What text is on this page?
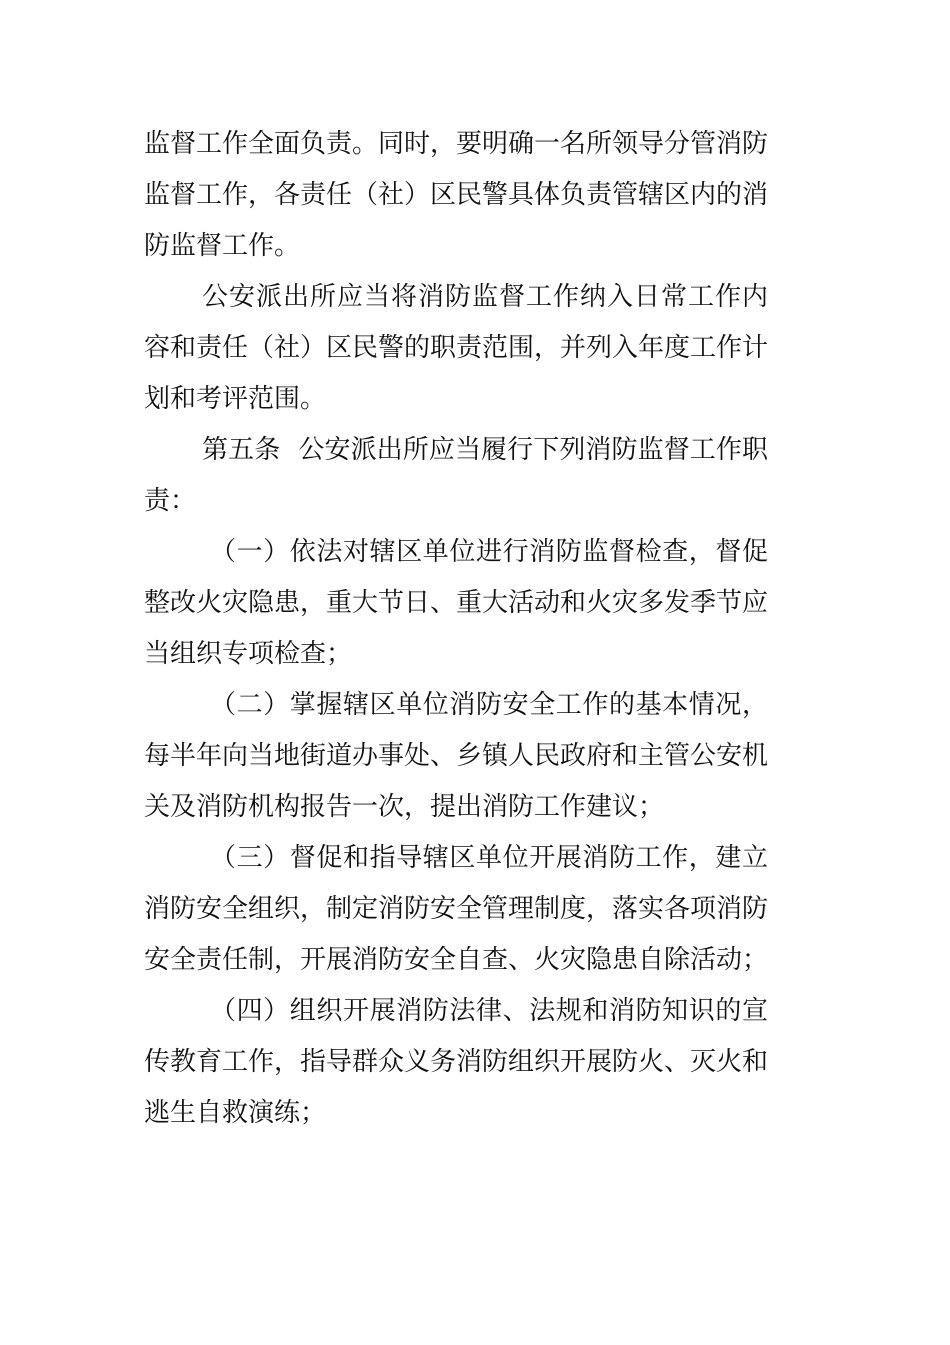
监督工作全面负责。同时，要明确一名所领导分管消防监督工作，各责任（社）区民警具体负责管辖区内的消防监督工作。

公安派出所应当将消防监督工作纳入日常工作内容和责任（社）区民警的职责范围，并列入年度工作计划和考评范围。

第五条 公安派出所应当履行下列消防监督工作职责：

（一）依法对辖区单位进行消防监督检查，督促整改火灾隐患，重大节日、重大活动和火灾多发季节应当组织专项检查；

（二）掌握辖区单位消防安全工作的基本情况，每半年向当地街道办事处、乡镇人民政府和主管公安机关及消防机构报告一次，提出消防工作建议；

（三）督促和指导辖区单位开展消防工作，建立消防安全组织，制定消防安全管理制度，落实各项消防安全责任制，开展消防安全自查、火灾隐患自除活动；

（四）组织开展消防法律、法规和消防知识的宣传教育工作，指导群众义务消防组织开展防火、灭火和逃生自救演练；
